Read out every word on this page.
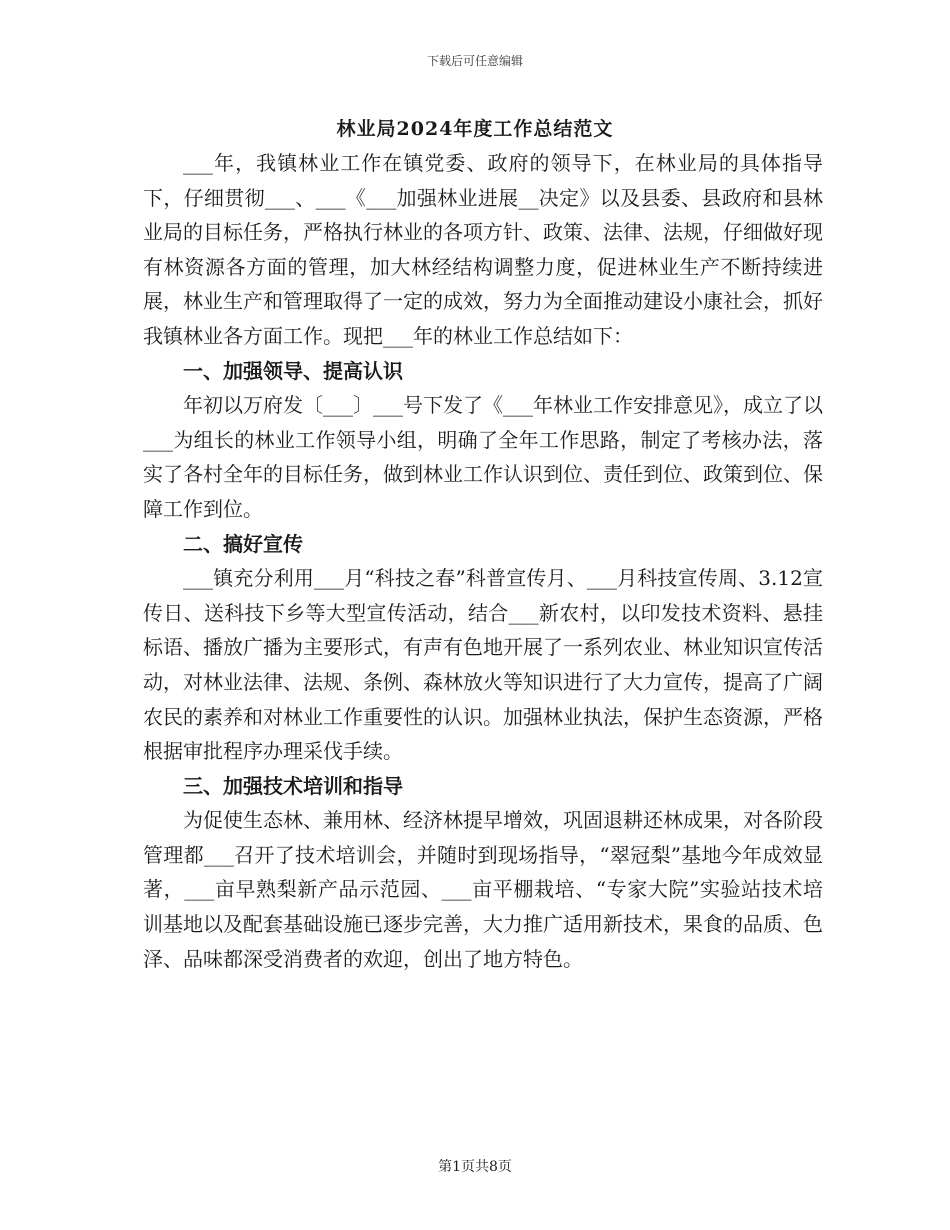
下载后可任意编辑
林业局2024年度工作总结范文

___年，我镇林业工作在镇党委、政府的领导下，在林业局的具体指导下，仔细贯彻___、___《___加强林业进展__决定》以及县委、县政府和县林业局的目标任务，严格执行林业的各项方针、政策、法律、法规，仔细做好现有林资源各方面的管理，加大林经结构调整力度，促进林业生产不断持续进展，林业生产和管理取得了一定的成效，努力为全面推动建设小康社会，抓好我镇林业各方面工作。现把___年的林业工作总结如下：

一、加强领导、提高认识

年初以万府发〔___〕___号下发了《___年林业工作安排意见》，成立了以___为组长的林业工作领导小组，明确了全年工作思路，制定了考核办法，落实了各村全年的目标任务，做到林业工作认识到位、责任到位、政策到位、保障工作到位。

二、搞好宣传

___镇充分利用___月“科技之春”科普宣传月、___月科技宣传周、3.12宣传日、送科技下乡等大型宣传活动，结合___新农村，以印发技术资料、悬挂标语、播放广播为主要形式，有声有色地开展了一系列农业、林业知识宣传活动，对林业法律、法规、条例、森林放火等知识进行了大力宣传，提高了广阔农民的素养和对林业工作重要性的认识。加强林业执法，保护生态资源，严格根据审批程序办理采伐手续。

三、加强技术培训和指导

为促使生态林、兼用林、经济林提早增效，巩固退耕还林成果，对各阶段管理都___召开了技术培训会，并随时到现场指导，“翠冠梨”基地今年成效显著，___亩早熟梨新产品示范园、___亩平棚栽培、“专家大院”实验站技术培训基地以及配套基础设施已逐步完善，大力推广适用新技术，果食的品质、色泽、品味都深受消费者的欢迎，创出了地方特色。

第1页共8页
